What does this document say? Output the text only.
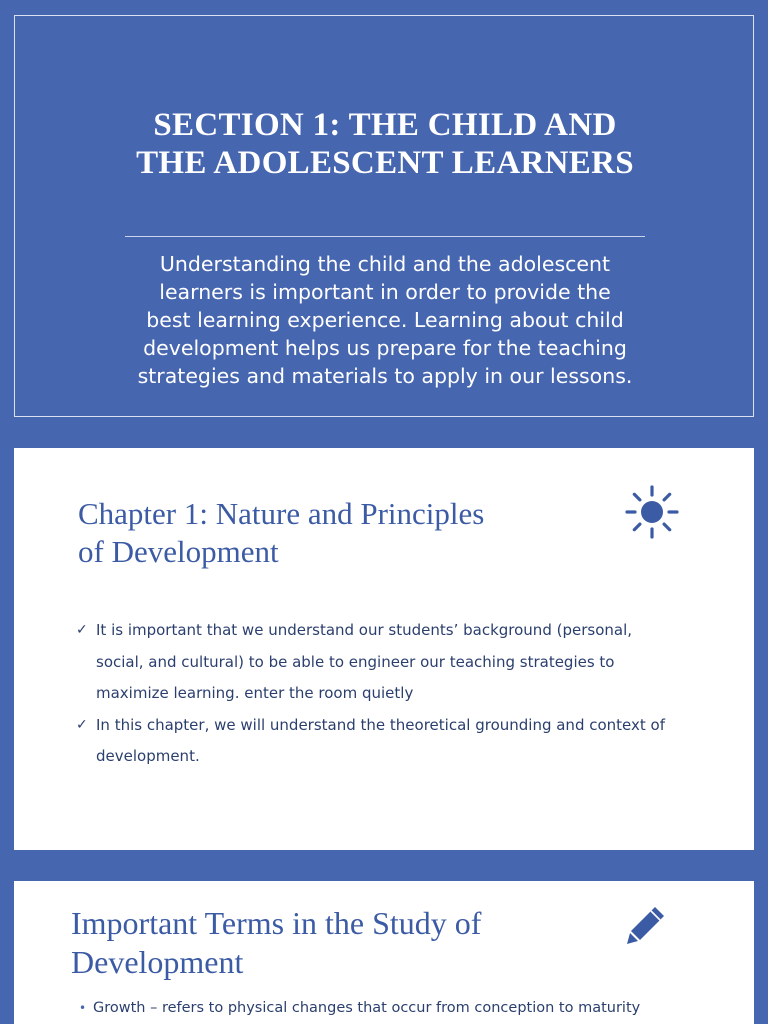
SECTION 1: THE CHILD AND
THE ADOLESCENT LEARNERS

Understanding the child and the adolescent
learners is important in order to provide the
best learning experience. Learning about child
development helps us prepare for the teaching
strategies and materials to apply in our lessons.

Chapter 1: Nature and Principles
of Development
✓ It is important that we understand our students’ background (personal,
social, and cultural) to be able to engineer our teaching strategies to
maximize learning. enter the room quietly
✓ In this chapter, we will understand the theoretical grounding and context of
development.
Important Terms in the Study of
Development
• Growth – refers to physical changes that occur from conception to maturity
